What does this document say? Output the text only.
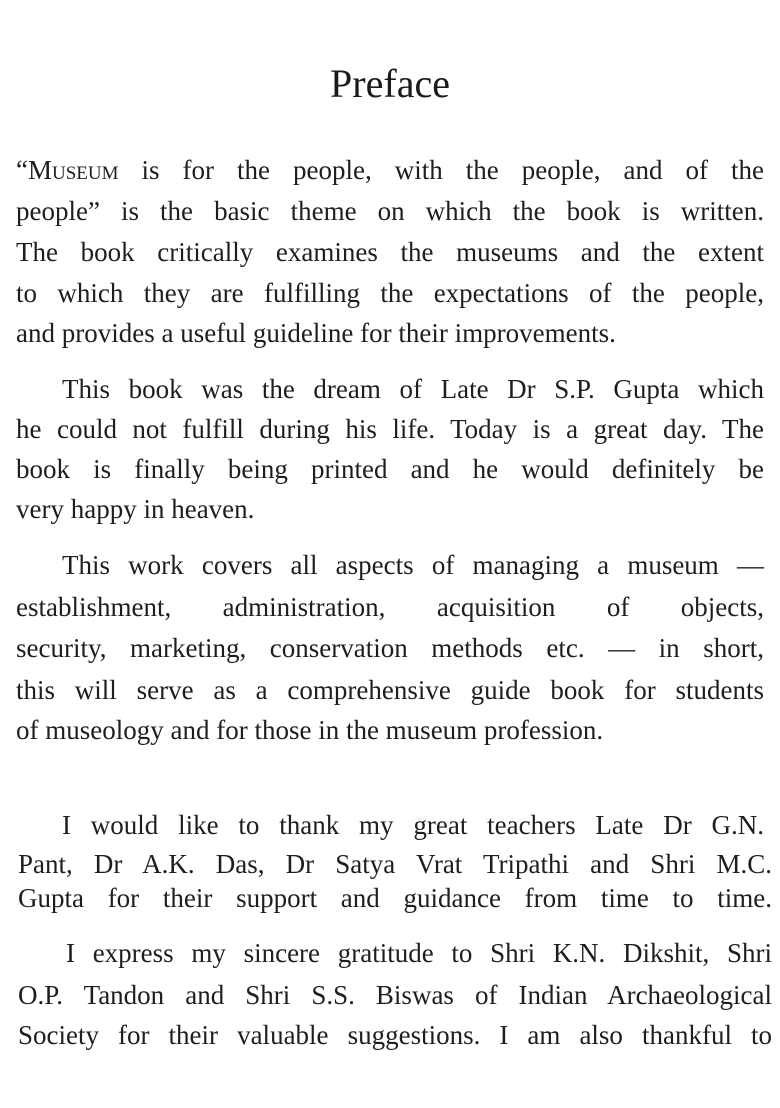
Preface

“Museum is for the people, with the people, and of the

people” is the basic theme on which the book is written.

The book critically examines the museums and the extent

to which they are fulfilling the expectations of the people,

and provides a useful guideline for their improvements.

This book was the dream of Late Dr S.P. Gupta which

he could not fulfill during his life. Today is a great day. The

book is finally being printed and he would definitely be

very happy in heaven.

This work covers all aspects of managing a museum —

establishment, administration, acquisition of objects,

security, marketing, conservation methods etc. — in short,

this will serve as a comprehensive guide book for students

of museology and for those in the museum profession.

I would like to thank my great teachers Late Dr G.N.

Pant, Dr A.K. Das, Dr Satya Vrat Tripathi and Shri M.C.

Gupta for their support and guidance from time to time.

I express my sincere gratitude to Shri K.N. Dikshit, Shri

O.P. Tandon and Shri S.S. Biswas of Indian Archaeological

Society for their valuable suggestions. I am also thankful to
